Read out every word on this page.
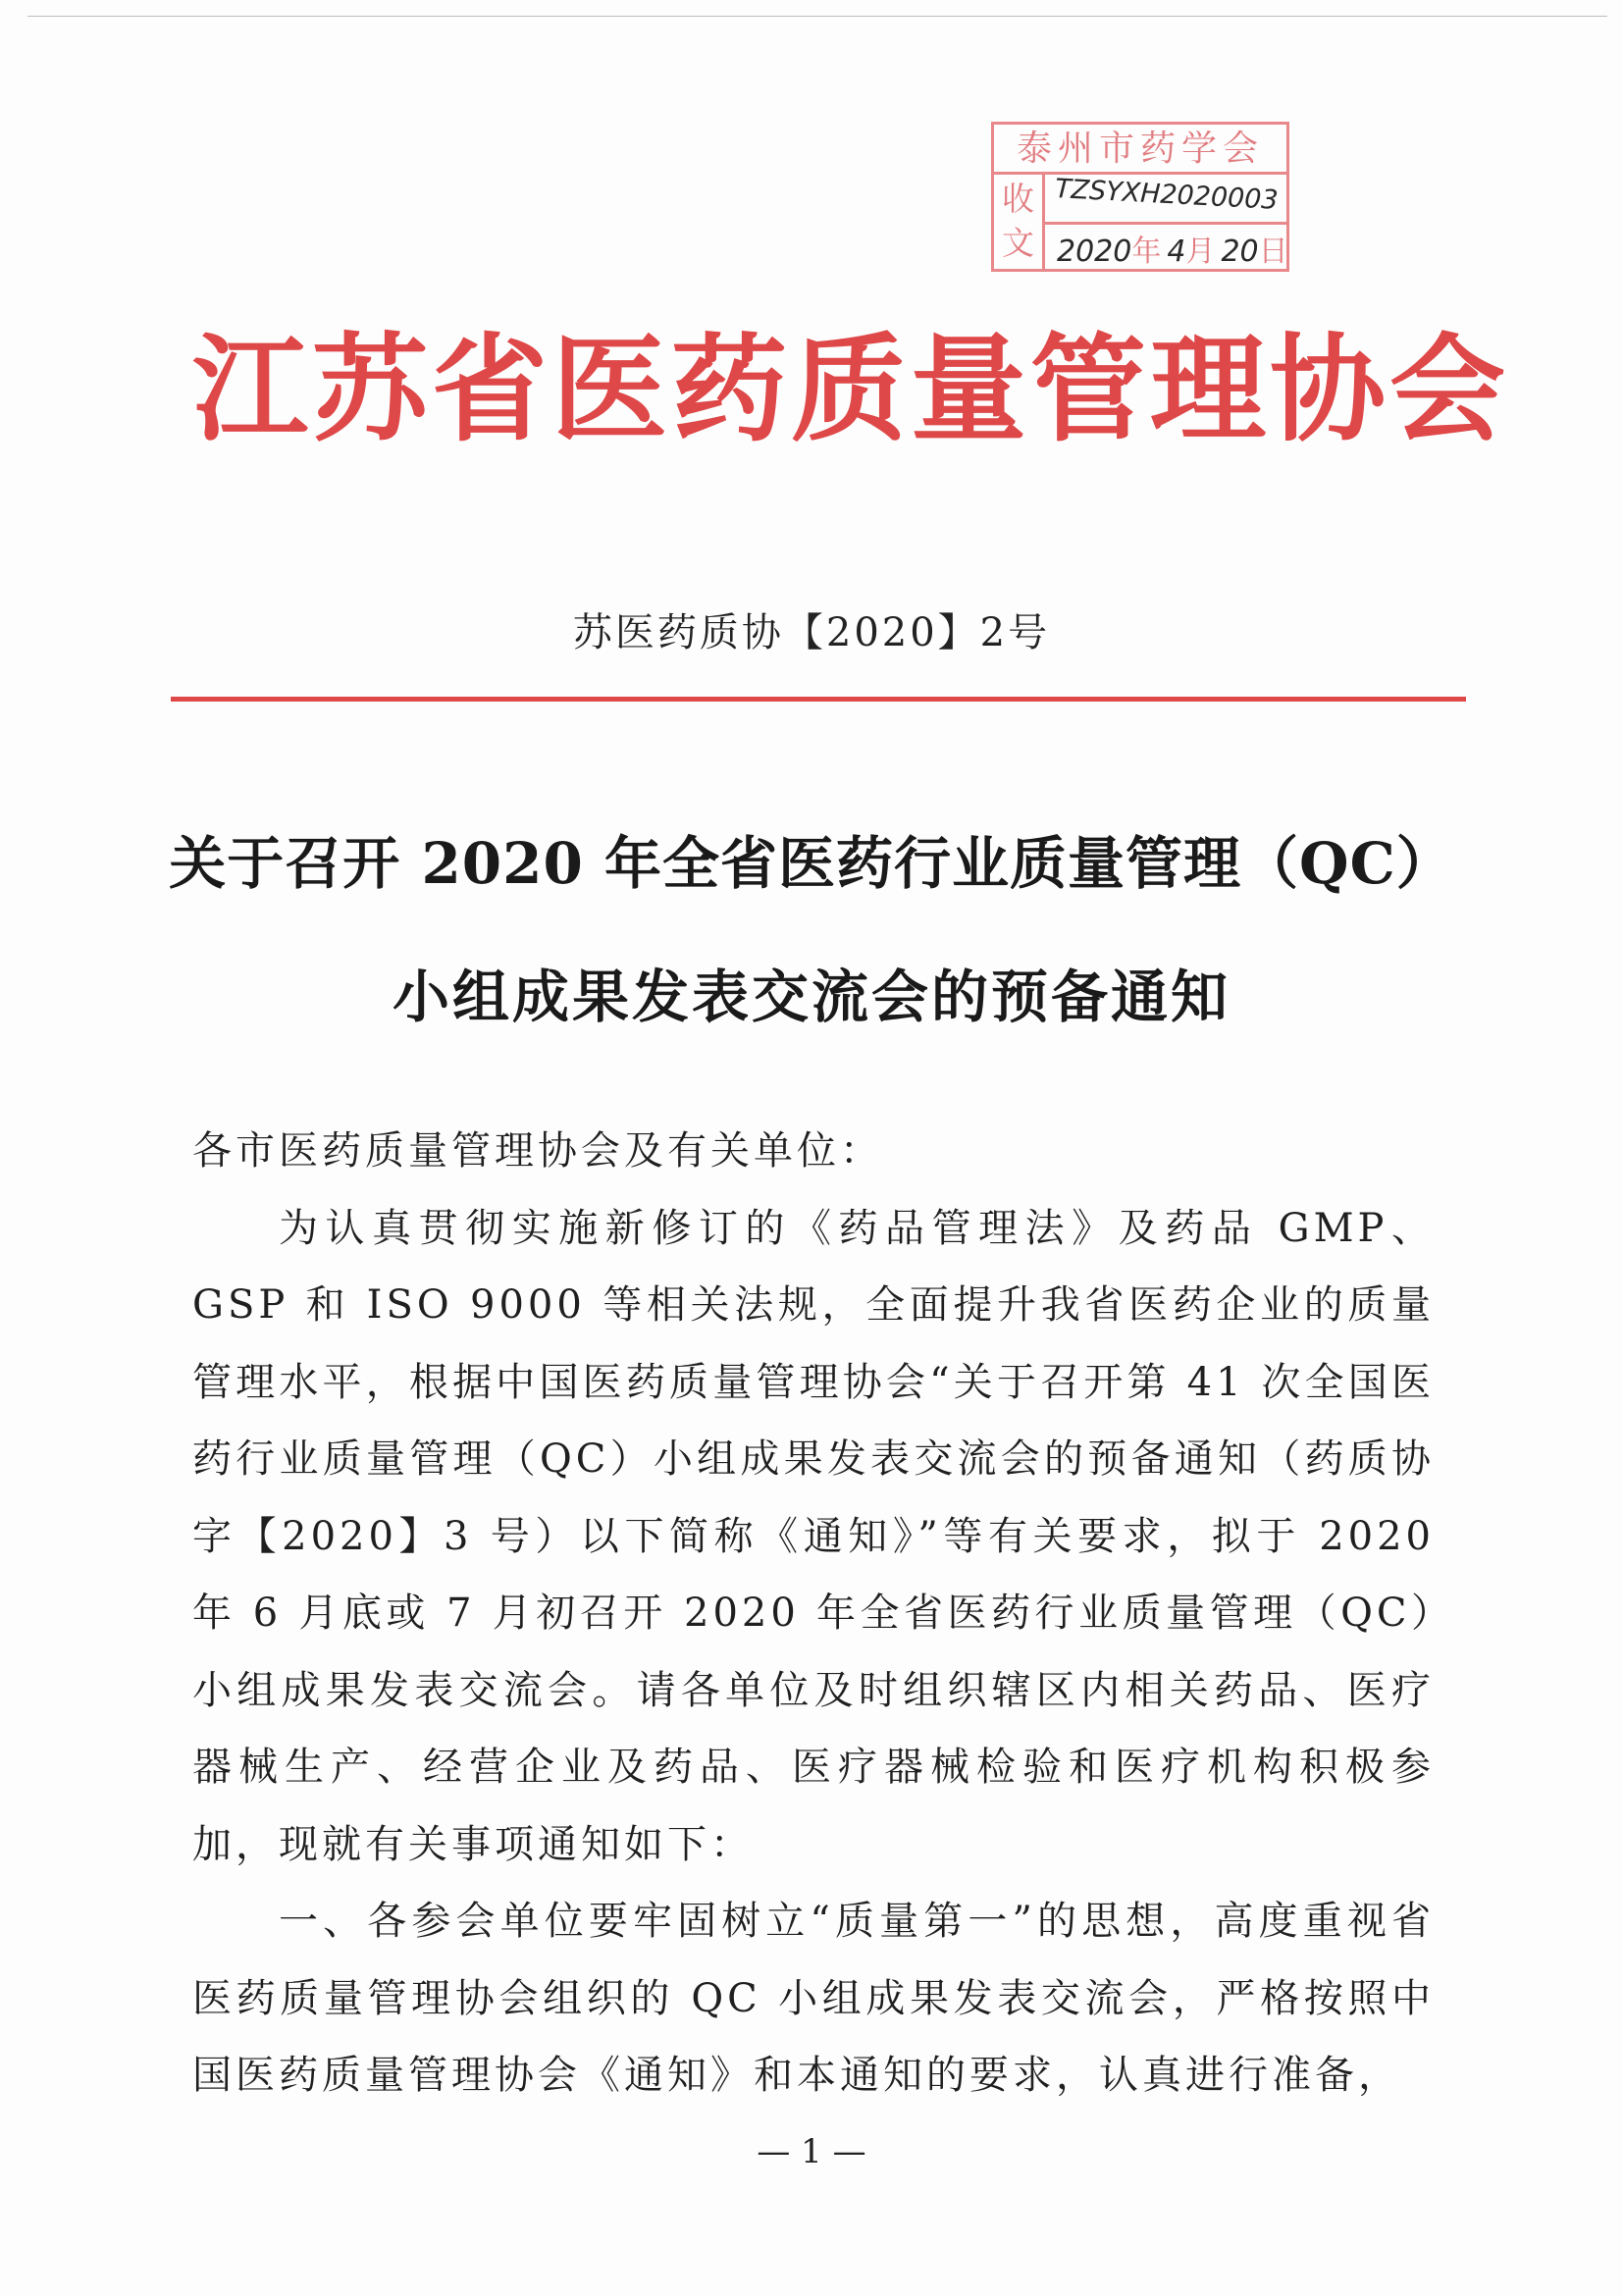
泰州市药学会
收
文
TZSYXH2020003
2020年 4月 20日
江苏省医药质量管理协会
苏医药质协【2020】2号
关于召开 2020 年全省医药行业质量管理（QC）
小组成果发表交流会的预备通知

各市医药质量管理协会及有关单位：

为认真贯彻实施新修订的《药品管理法》及药品 GMP、GSP 和 ISO 9000 等相关法规，全面提升我省医药企业的质量管理水平，根据中国医药质量管理协会“关于召开第 41 次全国医药行业质量管理（QC）小组成果发表交流会的预备通知（药质协字【2020】3 号）以下简称《通知》”等有关要求，拟于 2020 年 6 月底或 7 月初召开 2020 年全省医药行业质量管理（QC）小组成果发表交流会。请各单位及时组织辖区内相关药品、医疗器械生产、经营企业及药品、医疗器械检验和医疗机构积极参加，现就有关事项通知如下：

一、各参会单位要牢固树立“质量第一”的思想，高度重视省医药质量管理协会组织的 QC 小组成果发表交流会，严格按照中国医药质量管理协会《通知》和本通知的要求，认真进行准备，

— 1 —
